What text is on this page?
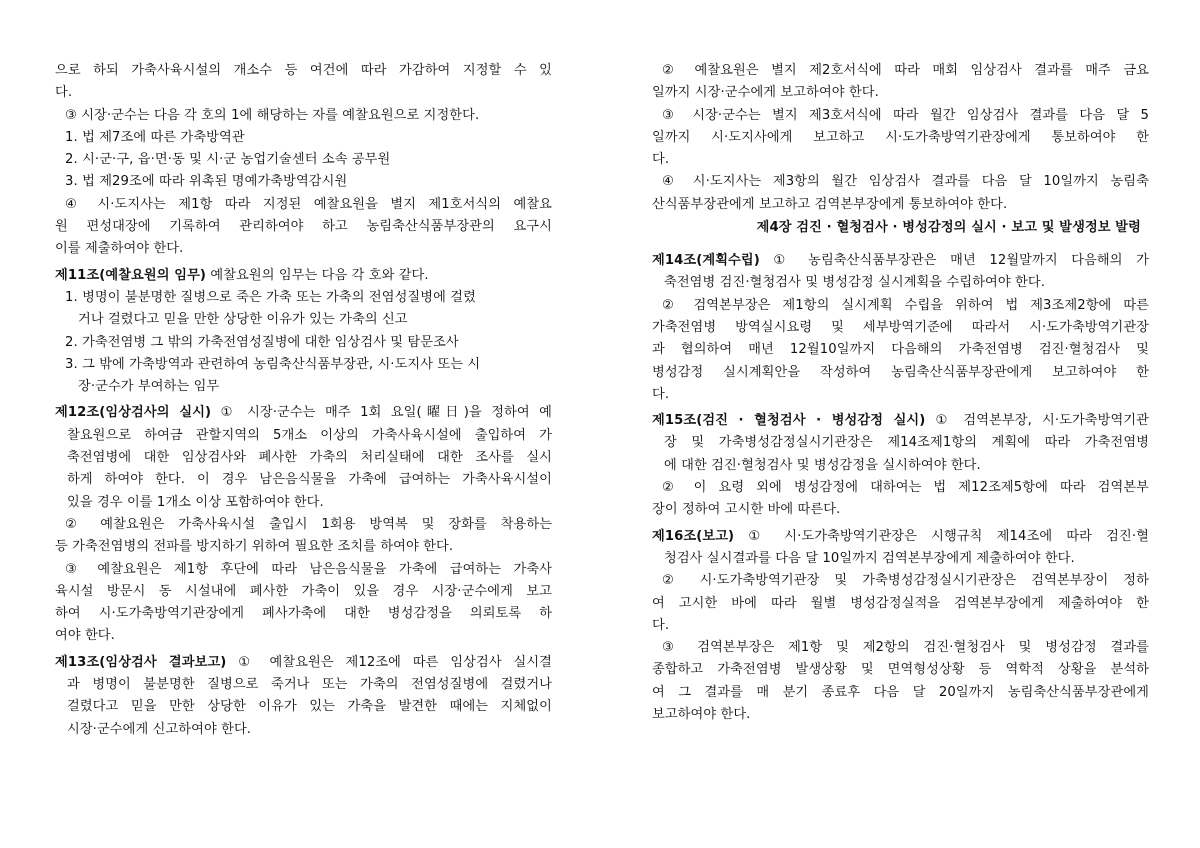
으로 하되 가축사육시설의 개소수 등 여건에 따라 가감하여 지정할 수 있
다.
③ 시장·군수는 다음 각 호의 1에 해당하는 자를 예찰요원으로 지정한다.
1. 법 제7조에 따른 가축방역관
2. 시·군·구, 읍·면·동 및 시·군 농업기술센터 소속 공무원
3. 법 제29조에 따라 위촉된 명예가축방역감시원
④ 시·도지사는 제1항 따라 지정된 예찰요원을 별지 제1호서식의 예찰요
원 편성대장에 기록하여 관리하여야 하고 농림축산식품부장관의 요구시
이를 제출하여야 한다.
제11조(예찰요원의 임무) 예찰요원의 임무는 다음 각 호와 같다.
1. 병명이 불분명한 질병으로 죽은 가축 또는 가축의 전염성질병에 걸렸
거나 걸렸다고 믿을 만한 상당한 이유가 있는 가축의 신고
2. 가축전염병 그 밖의 가축전염성질병에 대한 임상검사 및 탐문조사
3. 그 밖에 가축방역과 관련하여 농림축산식품부장관, 시·도지사 또는 시
장·군수가 부여하는 임무
제12조(임상검사의 실시) ① 시장·군수는 매주 1회 요일(曜日)을 정하여 예
찰요원으로 하여금 관할지역의 5개소 이상의 가축사육시설에 출입하여 가
축전염병에 대한 임상검사와 폐사한 가축의 처리실태에 대한 조사를 실시
하게 하여야 한다. 이 경우 남은음식물을 가축에 급여하는 가축사육시설이
있을 경우 이를 1개소 이상 포함하여야 한다.
② 예찰요원은 가축사육시설 출입시 1회용 방역복 및 장화를 착용하는
등 가축전염병의 전파를 방지하기 위하여 필요한 조치를 하여야 한다.
③ 예찰요원은 제1항 후단에 따라 남은음식물을 가축에 급여하는 가축사
육시설 방문시 동 시설내에 폐사한 가축이 있을 경우 시장·군수에게 보고
하여 시·도가축방역기관장에게 폐사가축에 대한 병성감정을 의뢰토록 하
여야 한다.
제13조(임상검사 결과보고) ① 예찰요원은 제12조에 따른 임상검사 실시결
과 병명이 불분명한 질병으로 죽거나 또는 가축의 전염성질병에 걸렸거나
걸렸다고 믿을 만한 상당한 이유가 있는 가축을 발견한 때에는 지체없이
시장·군수에게 신고하여야 한다.
② 예찰요원은 별지 제2호서식에 따라 매회 임상검사 결과를 매주 금요
일까지 시장·군수에게 보고하여야 한다.
③ 시장·군수는 별지 제3호서식에 따라 월간 임상검사 결과를 다음 달 5
일까지 시·도지사에게 보고하고 시·도가축방역기관장에게 통보하여야 한
다.
④ 시·도지사는 제3항의 월간 임상검사 결과를 다음 달 10일까지 농림축
산식품부장관에게 보고하고 검역본부장에게 통보하여야 한다.
제4장 검진 · 혈청검사 · 병성감정의 실시 · 보고 및 발생정보 발령
제14조(계획수립) ① 농림축산식품부장관은 매년 12월말까지 다음해의 가
축전염병 검진·혈청검사 및 병성감정 실시계획을 수립하여야 한다.
② 검역본부장은 제1항의 실시계획 수립을 위하여 법 제3조제2항에 따른
가축전염병 방역실시요령 및 세부방역기준에 따라서 시·도가축방역기관장
과 협의하여 매년 12월10일까지 다음해의 가축전염병 검진·혈청검사 및
병성감정 실시계획안을 작성하여 농림축산식품부장관에게 보고하여야 한
다.
제15조(검진 · 혈청검사 · 병성감정 실시) ① 검역본부장, 시·도가축방역기관
장 및 가축병성감정실시기관장은 제14조제1항의 계획에 따라 가축전염병
에 대한 검진·혈청검사 및 병성감정을 실시하여야 한다.
② 이 요령 외에 병성감정에 대하여는 법 제12조제5항에 따라 검역본부
장이 정하여 고시한 바에 따른다.
제16조(보고) ① 시·도가축방역기관장은 시행규칙 제14조에 따라 검진·혈
청검사 실시결과를 다음 달 10일까지 검역본부장에게 제출하여야 한다.
② 시·도가축방역기관장 및 가축병성감정실시기관장은 검역본부장이 정하
여 고시한 바에 따라 월별 병성감정실적을 검역본부장에게 제출하여야 한
다.
③ 검역본부장은 제1항 및 제2항의 검진·혈청검사 및 병성감정 결과를
종합하고 가축전염병 발생상황 및 면역형성상황 등 역학적 상황을 분석하
여 그 결과를 매 분기 종료후 다음 달 20일까지 농림축산식품부장관에게
보고하여야 한다.
